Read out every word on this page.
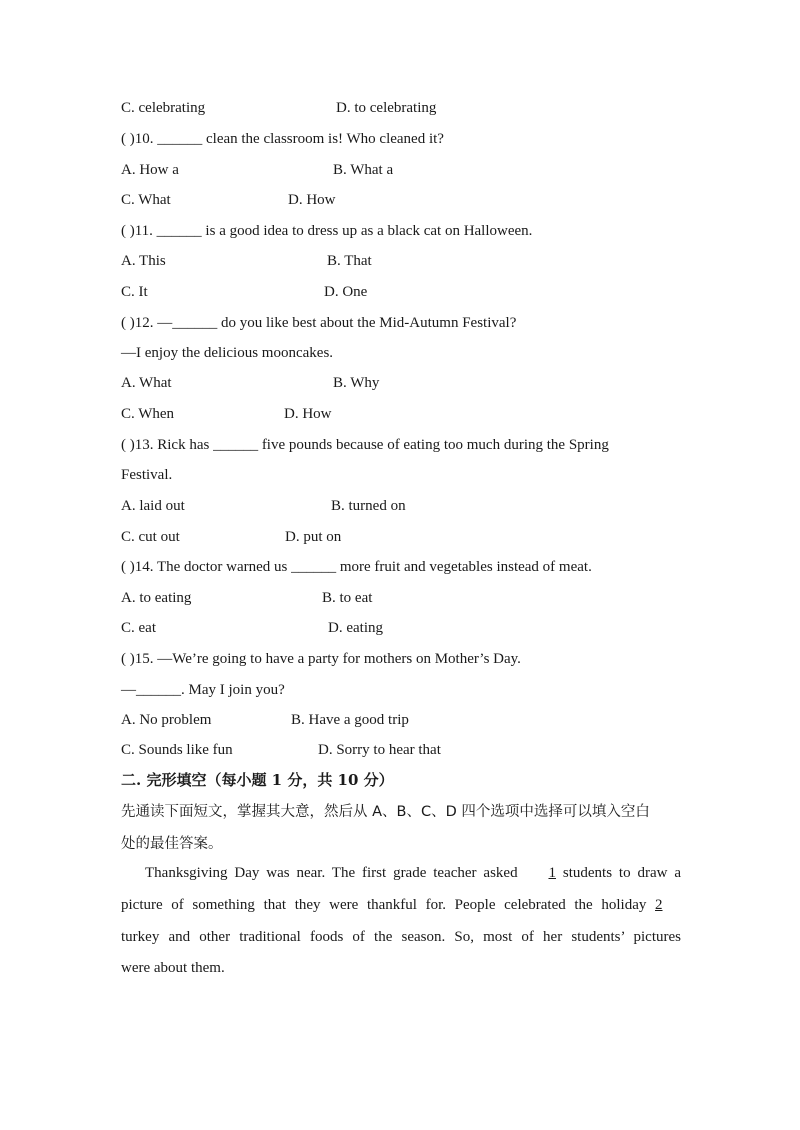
C. celebrating	D. to celebrating
( )10. ______ clean the classroom is! Who cleaned it?
A. How a	B. What a
C. What	D. How
( )11. ______ is a good idea to dress up as a black cat on Halloween.
A. This	B. That
C. It	D. One
( )12. —______ do you like best about the Mid-Autumn Festival?
—I enjoy the delicious mooncakes.
A. What	B. Why
C. When	D. How
( )13. Rick has ______ five pounds because of eating too much during the Spring
Festival.
A. laid out	B. turned on
C. cut out	D. put on
( )14. The doctor warned us ______ more fruit and vegetables instead of meat.
A. to eating	B. to eat
C. eat	D. eating
( )15. —We’re going to have a party for mothers on Mother’s Day.
—______. May I join you?
A. No problem	B. Have a good trip
C. Sounds like fun	D. Sorry to hear that
二. 完形填空（每小题 1 分，共 10 分）
先通读下面短文，掌握其大意，然后从 A、B、C、D 四个选项中选择可以填入空白
处的最佳答案。
Thanksgiving Day was near. The first grade teacher asked 1 students to draw a
picture of something that they were thankful for. People celebrated the holiday 2
turkey and other traditional foods of the season. So, most of her students’ pictures
were about them.
